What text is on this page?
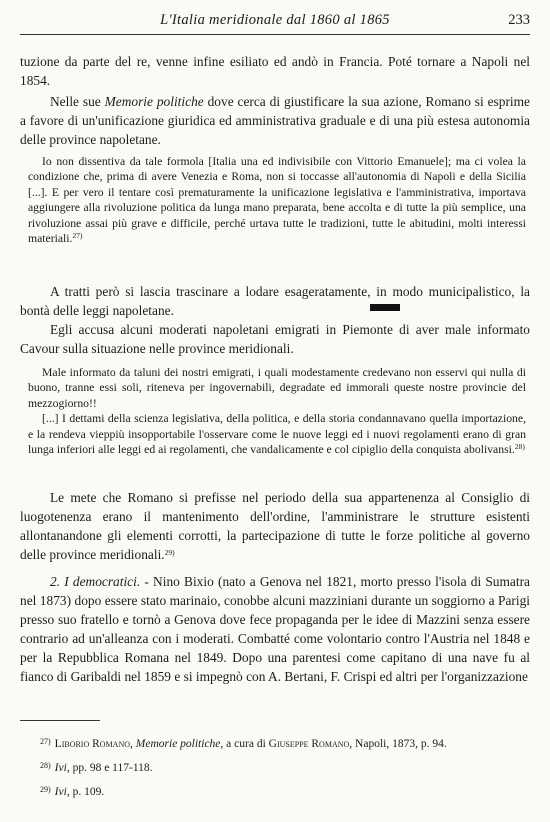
L'Italia meridionale dal 1860 al 1865	233

tuzione da parte del re, venne infine esiliato ed andò in Francia. Poté tornare a Napoli nel 1854.

Nelle sue Memorie politiche dove cerca di giustificare la sua azione, Romano si esprime a favore di un'unificazione giuridica ed amministrativa graduale e di una più estesa autonomia delle province napoletane.

Io non dissentiva da tale formola [Italia una ed indivisibile con Vittorio Emanuele]; ma ci volea la condizione che, prima di avere Venezia e Roma, non si toccasse all'autonomia di Napoli e della Sicilia [...]. E per vero il tentare così prematuramente la unificazione legislativa e l'amministrativa, importava aggiungere alla rivoluzione politica da lunga mano preparata, bene accolta e di tutte la più semplice, una rivoluzione assai più grave e difficile, perché urtava tutte le tradizioni, tutte le abitudini, molti interessi materiali.$^{27)}$

A tratti però si lascia trascinare a lodare esageratamente, in modo municipalistico, la bontà delle leggi napoletane.

Egli accusa alcuni moderati napoletani emigrati in Piemonte di aver male informato Cavour sulla situazione nelle province meridionali.

Male informato da taluni dei nostri emigrati, i quali modestamente credevano non esservi qui nulla di buono, tranne essi soli, riteneva per ingovernabili, degradate ed immorali queste nostre provincie del mezzogiorno!!

[...] I dettami della scienza legislativa, della politica, e della storia condannavano quella importazione, e la rendeva vieppiù insopportabile l'osservare come le nuove leggi ed i nuovi regolamenti erano di gran lunga inferiori alle leggi ed ai regolamenti, che vandalicamente e col cipiglio della conquista abolivansi.$^{28)}$

Le mete che Romano si prefisse nel periodo della sua appartenenza al Consiglio di luogotenenza erano il mantenimento dell'ordine, l'amministrare le strutture esistenti allontanandone gli elementi corrotti, la partecipazione di tutte le forze politiche al governo delle province meridionali.$^{29)}$

2. I democratici. - Nino Bixio (nato a Genova nel 1821, morto presso l'isola di Sumatra nel 1873) dopo essere stato marinaio, conobbe alcuni mazziniani durante un soggiorno a Parigi presso suo fratello e tornò a Genova dove fece propaganda per le idee di Mazzini senza essere contrario ad un'alleanza con i moderati. Combatté come volontario contro l'Austria nel 1848 e per la Repubblica Romana nel 1849. Dopo una parentesi come capitano di una nave fu al fianco di Garibaldi nel 1859 e si impegnò con A. Bertani, F. Crispi ed altri per l'organizzazione

$^{27)}$ Liborio Romano, Memorie politiche, a cura di Giuseppe Romano, Napoli, 1873, p. 94.

$^{28)}$ Ivi, pp. 98 e 117-118.

$^{29)}$ Ivi, p. 109.
